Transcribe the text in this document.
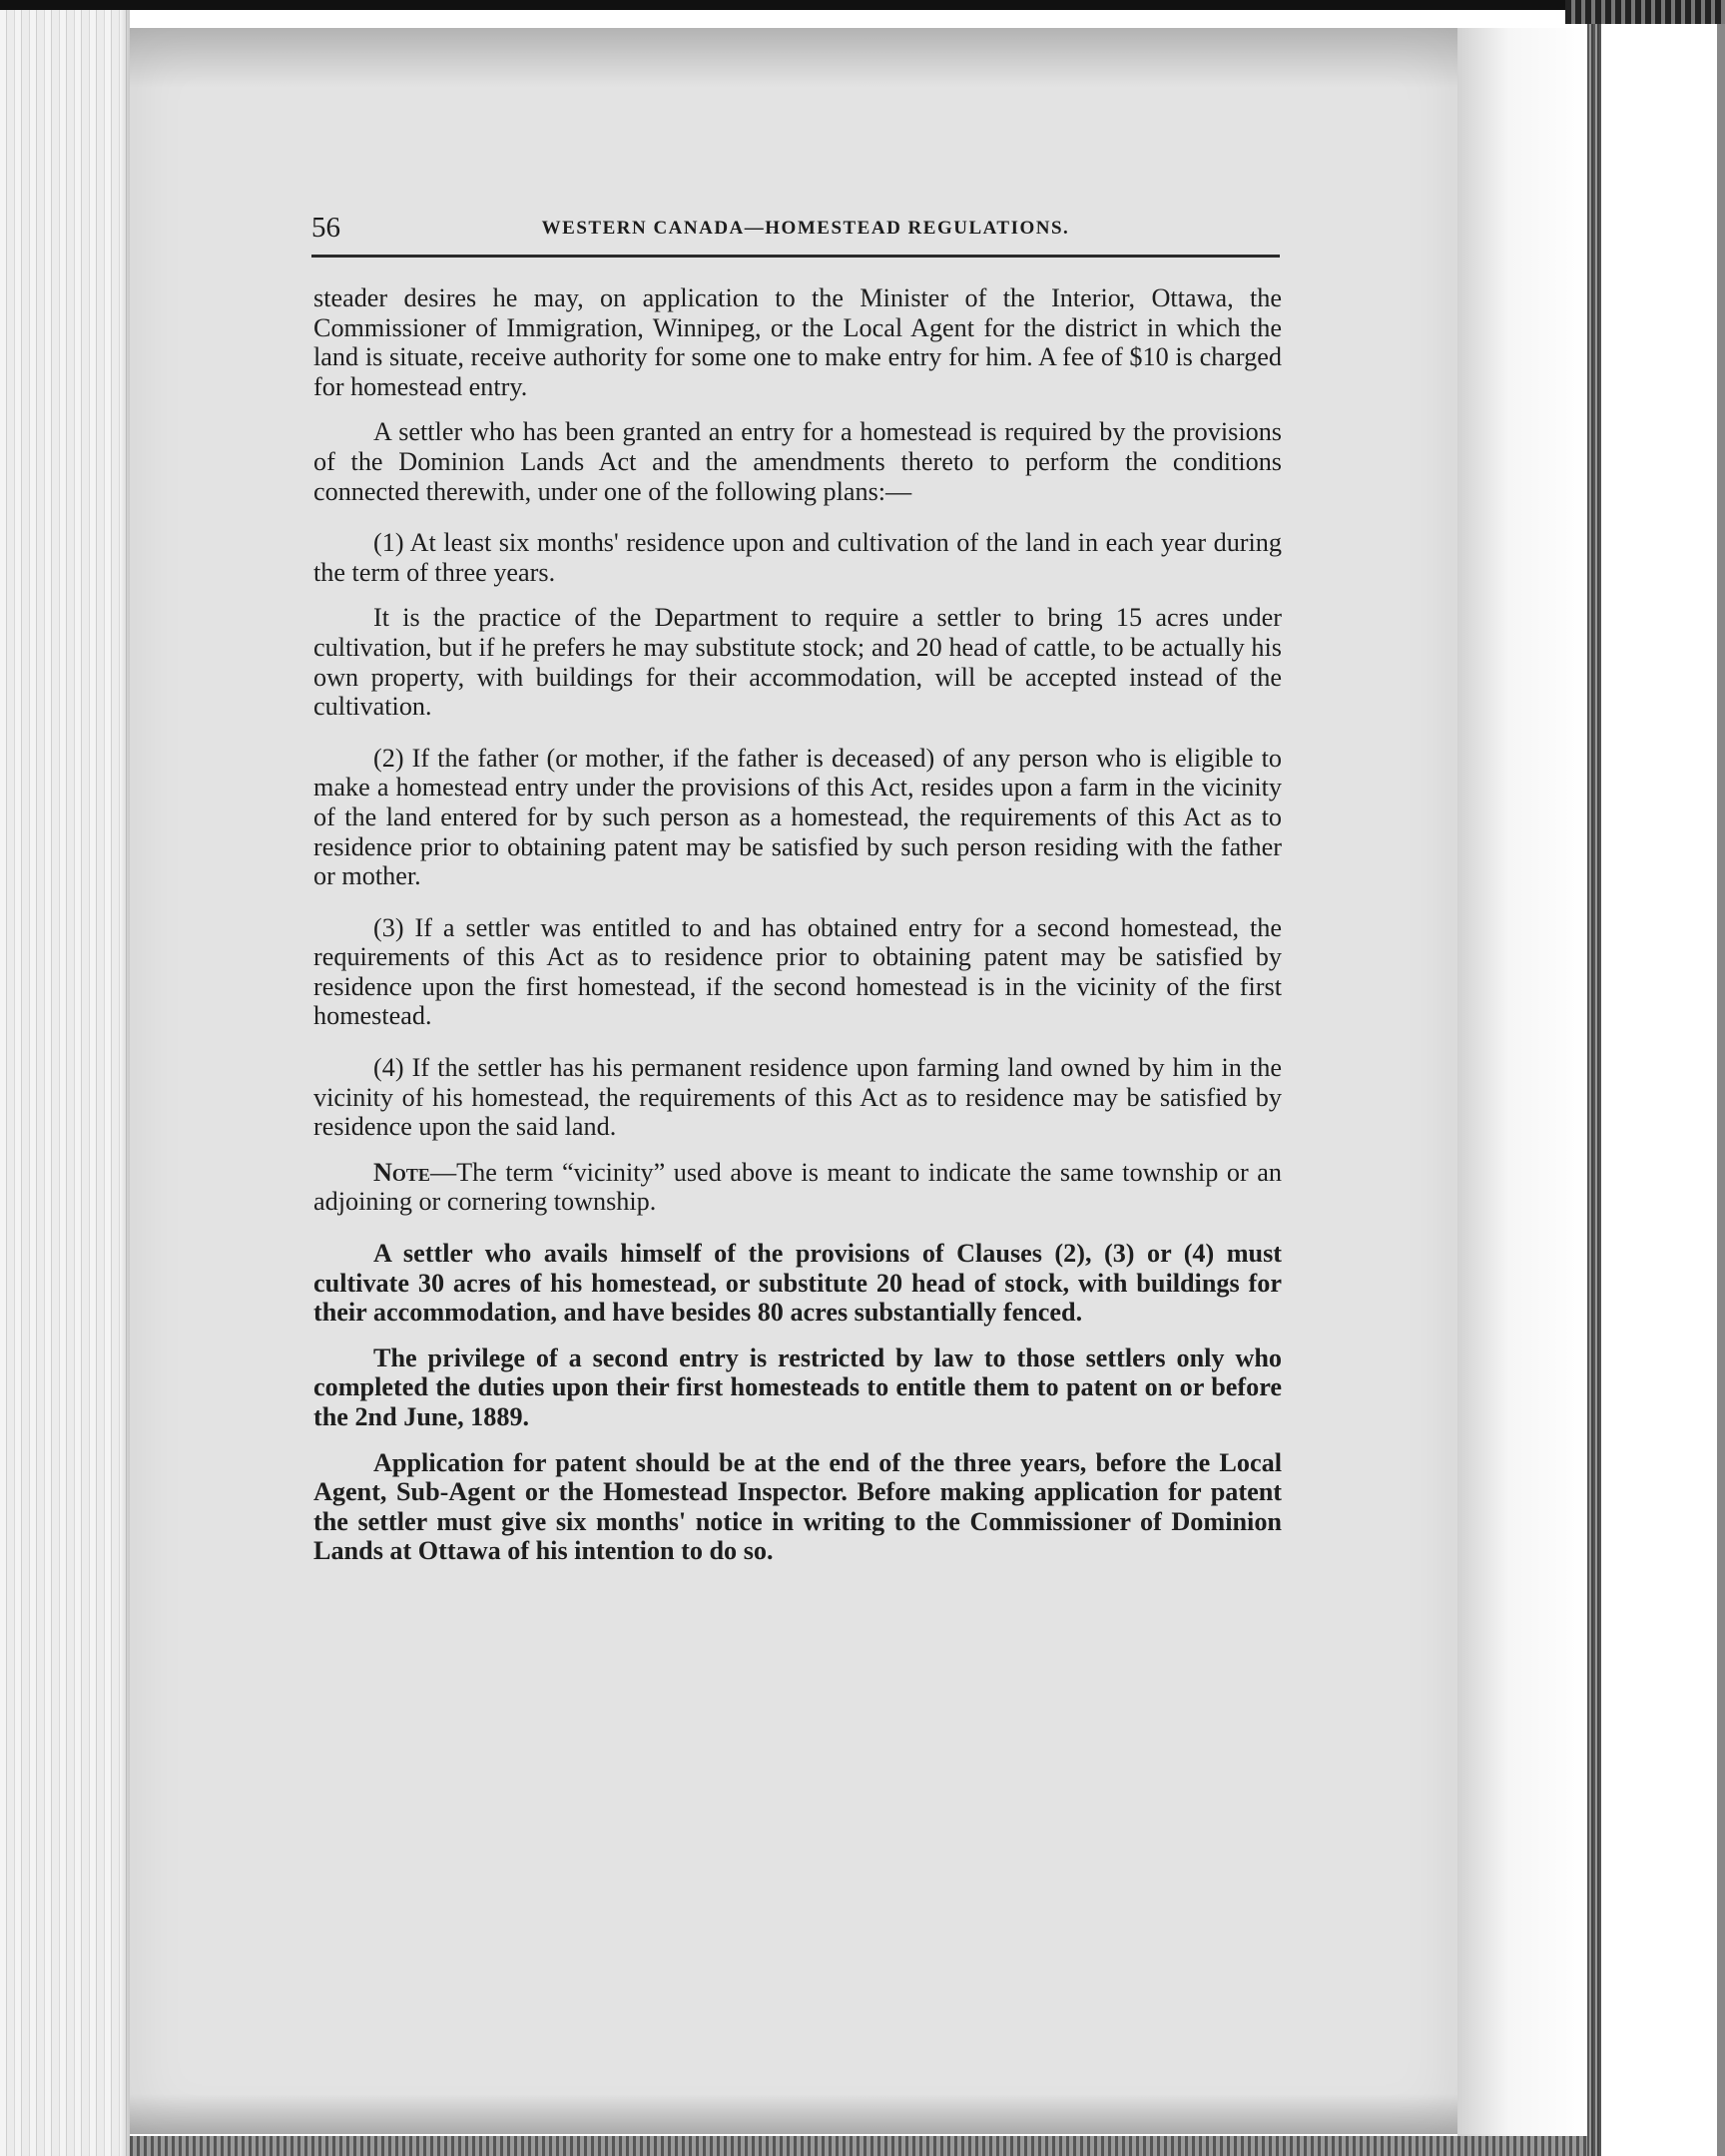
56	WESTERN CANADA—HOMESTEAD REGULATIONS.

steader desires he may, on application to the Minister of the Interior, Ottawa, the Commissioner of Immigration, Winnipeg, or the Local Agent for the district in which the land is situate, receive authority for some one to make entry for him. A fee of $10 is charged for homestead entry.

A settler who has been granted an entry for a homestead is required by the provisions of the Dominion Lands Act and the amendments thereto to perform the conditions connected therewith, under one of the following plans:—

(1) At least six months' residence upon and cultivation of the land in each year during the term of three years.

It is the practice of the Department to require a settler to bring 15 acres under cultivation, but if he prefers he may substitute stock; and 20 head of cattle, to be actually his own property, with buildings for their accommodation, will be accepted instead of the cultivation.

(2) If the father (or mother, if the father is deceased) of any person who is eligible to make a homestead entry under the provisions of this Act, resides upon a farm in the vicinity of the land entered for by such person as a homestead, the requirements of this Act as to residence prior to obtaining patent may be satisfied by such person residing with the father or mother.

(3) If a settler was entitled to and has obtained entry for a second homestead, the requirements of this Act as to residence prior to obtaining patent may be satisfied by residence upon the first homestead, if the second homestead is in the vicinity of the first homestead.

(4) If the settler has his permanent residence upon farming land owned by him in the vicinity of his homestead, the requirements of this Act as to residence may be satisfied by residence upon the said land.

Note—The term “vicinity” used above is meant to indicate the same township or an adjoining or cornering township.

A settler who avails himself of the provisions of Clauses (2), (3) or (4) must cultivate 30 acres of his homestead, or substitute 20 head of stock, with buildings for their accommodation, and have besides 80 acres substantially fenced.

The privilege of a second entry is restricted by law to those settlers only who completed the duties upon their first homesteads to entitle them to patent on or before the 2nd June, 1889.

Application for patent should be at the end of the three years, before the Local Agent, Sub-Agent or the Homestead Inspector. Before making application for patent the settler must give six months' notice in writing to the Commissioner of Dominion Lands at Ottawa of his intention to do so.
